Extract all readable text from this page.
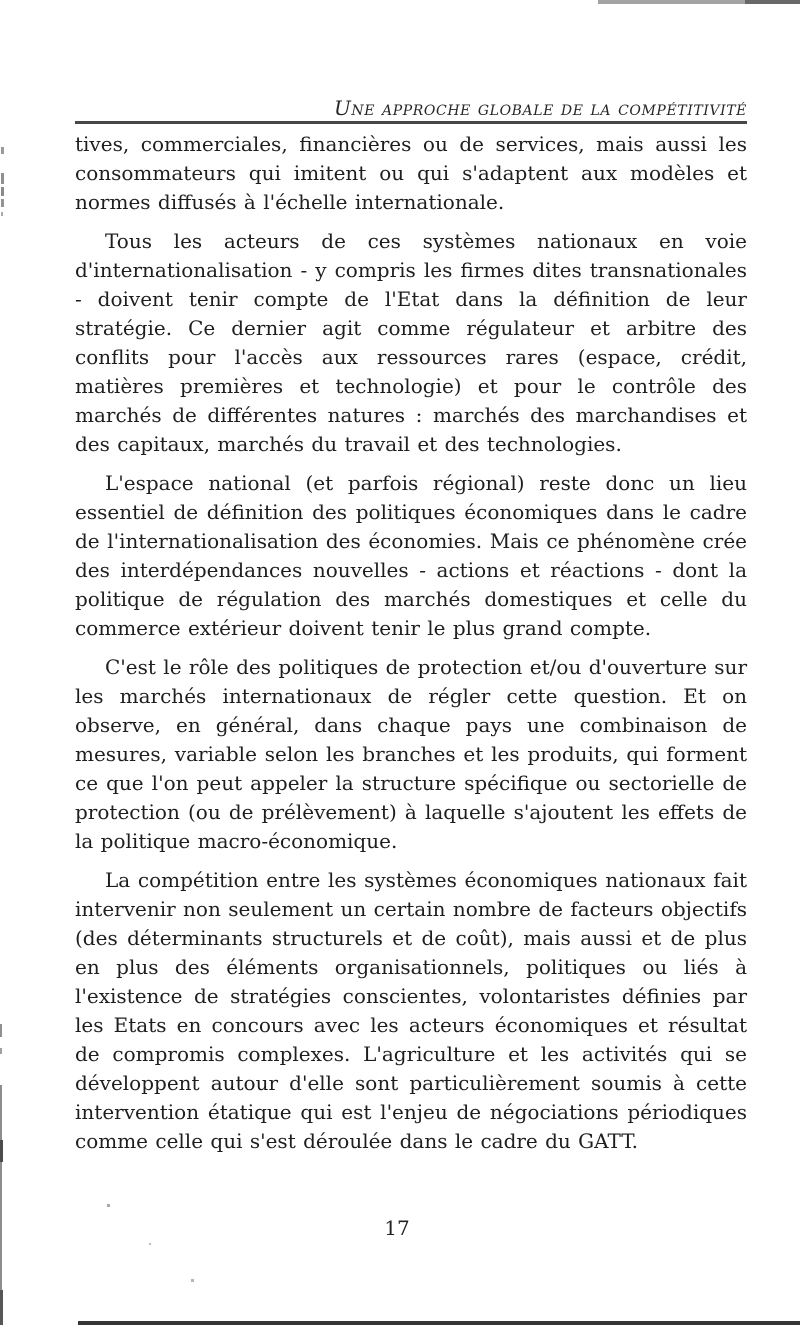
Une approche globale de la compétitivité

tives, commerciales, financières ou de services, mais aussi les consommateurs qui imitent ou qui s'adaptent aux modèles et normes diffusés à l'échelle internationale.

Tous les acteurs de ces systèmes nationaux en voie d'internationalisation - y compris les firmes dites transnationales - doivent tenir compte de l'Etat dans la définition de leur stratégie. Ce dernier agit comme régulateur et arbitre des conflits pour l'accès aux ressources rares (espace, crédit, matières premières et technologie) et pour le contrôle des marchés de différentes natures : marchés des marchandises et des capitaux, marchés du travail et des technologies.

L'espace national (et parfois régional) reste donc un lieu essentiel de définition des politiques économiques dans le cadre de l'internationalisation des économies. Mais ce phénomène crée des interdépendances nouvelles - actions et réactions - dont la politique de régulation des marchés domestiques et celle du commerce extérieur doivent tenir le plus grand compte.

C'est le rôle des politiques de protection et/ou d'ouverture sur les marchés internationaux de régler cette question. Et on observe, en général, dans chaque pays une combinaison de mesures, variable selon les branches et les produits, qui forment ce que l'on peut appeler la structure spécifique ou sectorielle de protection (ou de prélèvement) à laquelle s'ajoutent les effets de la politique macro-économique.

La compétition entre les systèmes économiques nationaux fait intervenir non seulement un certain nombre de facteurs objectifs (des déterminants structurels et de coût), mais aussi et de plus en plus des éléments organisationnels, politiques ou liés à l'existence de stratégies conscientes, volontaristes définies par les Etats en concours avec les acteurs économiques et résultat de compromis complexes. L'agriculture et les activités qui se développent autour d'elle sont particulièrement soumis à cette intervention étatique qui est l'enjeu de négociations périodiques comme celle qui s'est déroulée dans le cadre du GATT.

17
